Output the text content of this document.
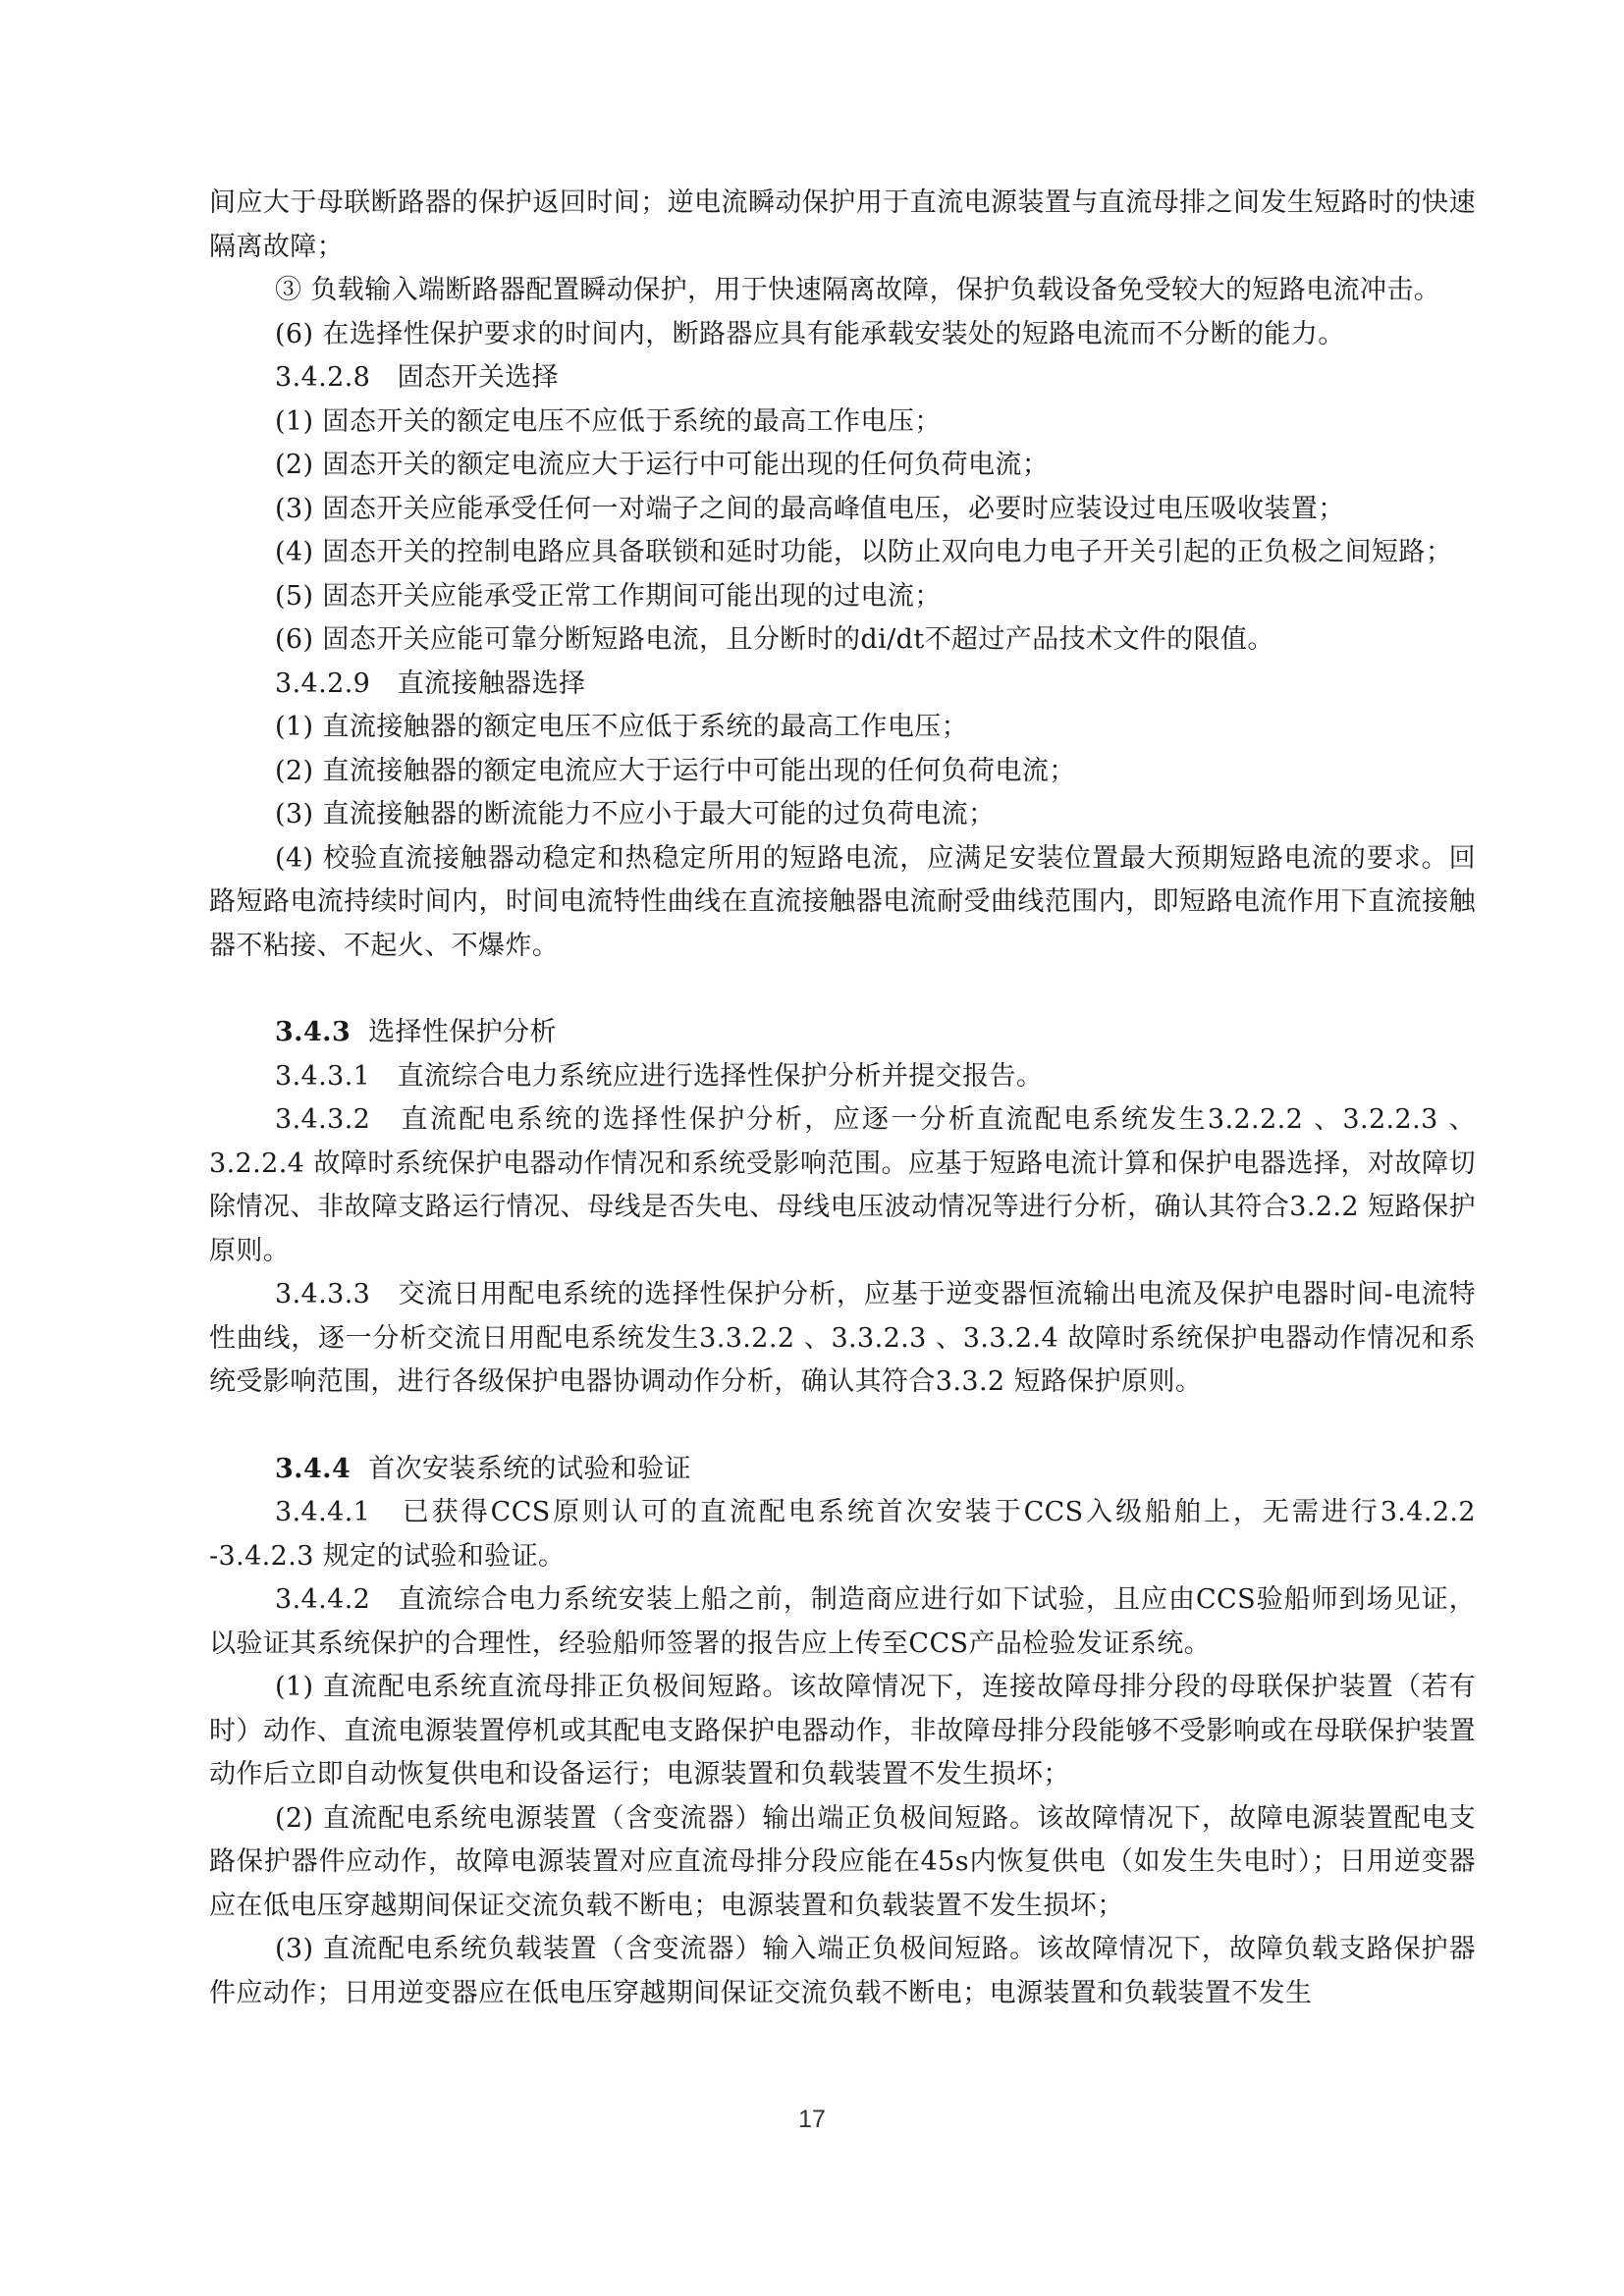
间应大于母联断路器的保护返回时间；逆电流瞬动保护用于直流电源装置与直流母排之间发生短路时的快速隔离故障；

③ 负载输入端断路器配置瞬动保护，用于快速隔离故障，保护负载设备免受较大的短路电流冲击。

(6) 在选择性保护要求的时间内，断路器应具有能承载安装处的短路电流而不分断的能力。

3.4.2.8　固态开关选择

(1) 固态开关的额定电压不应低于系统的最高工作电压；

(2) 固态开关的额定电流应大于运行中可能出现的任何负荷电流；

(3) 固态开关应能承受任何一对端子之间的最高峰值电压，必要时应装设过电压吸收装置；

(4) 固态开关的控制电路应具备联锁和延时功能，以防止双向电力电子开关引起的正负极之间短路；

(5) 固态开关应能承受正常工作期间可能出现的过电流；

(6) 固态开关应能可靠分断短路电流，且分断时的di/dt不超过产品技术文件的限值。

3.4.2.9　直流接触器选择

(1) 直流接触器的额定电压不应低于系统的最高工作电压；

(2) 直流接触器的额定电流应大于运行中可能出现的任何负荷电流；

(3) 直流接触器的断流能力不应小于最大可能的过负荷电流；

(4) 校验直流接触器动稳定和热稳定所用的短路电流，应满足安装位置最大预期短路电流的要求。回路短路电流持续时间内，时间电流特性曲线在直流接触器电流耐受曲线范围内，即短路电流作用下直流接触器不粘接、不起火、不爆炸。

3.4.3 选择性保护分析

3.4.3.1　直流综合电力系统应进行选择性保护分析并提交报告。

3.4.3.2　直流配电系统的选择性保护分析，应逐一分析直流配电系统发生3.2.2.2 、3.2.2.3 、3.2.2.4 故障时系统保护电器动作情况和系统受影响范围。应基于短路电流计算和保护电器选择，对故障切除情况、非故障支路运行情况、母线是否失电、母线电压波动情况等进行分析，确认其符合3.2.2 短路保护原则。

3.4.3.3　交流日用配电系统的选择性保护分析，应基于逆变器恒流输出电流及保护电器时间-电流特性曲线，逐一分析交流日用配电系统发生3.3.2.2 、3.3.2.3 、3.3.2.4 故障时系统保护电器动作情况和系统受影响范围，进行各级保护电器协调动作分析，确认其符合3.3.2 短路保护原则。

3.4.4 首次安装系统的试验和验证

3.4.4.1　已获得CCS原则认可的直流配电系统首次安装于CCS入级船舶上，无需进行3.4.2.2 -3.4.2.3 规定的试验和验证。

3.4.4.2　直流综合电力系统安装上船之前，制造商应进行如下试验，且应由CCS验船师到场见证，以验证其系统保护的合理性，经验船师签署的报告应上传至CCS产品检验发证系统。

(1) 直流配电系统直流母排正负极间短路。该故障情况下，连接故障母排分段的母联保护装置（若有时）动作、直流电源装置停机或其配电支路保护电器动作，非故障母排分段能够不受影响或在母联保护装置动作后立即自动恢复供电和设备运行；电源装置和负载装置不发生损坏；

(2) 直流配电系统电源装置（含变流器）输出端正负极间短路。该故障情况下，故障电源装置配电支路保护器件应动作，故障电源装置对应直流母排分段应能在45s内恢复供电（如发生失电时）；日用逆变器应在低电压穿越期间保证交流负载不断电；电源装置和负载装置不发生损坏；

(3) 直流配电系统负载装置（含变流器）输入端正负极间短路。该故障情况下，故障负载支路保护器件应动作；日用逆变器应在低电压穿越期间保证交流负载不断电；电源装置和负载装置不发生

17
